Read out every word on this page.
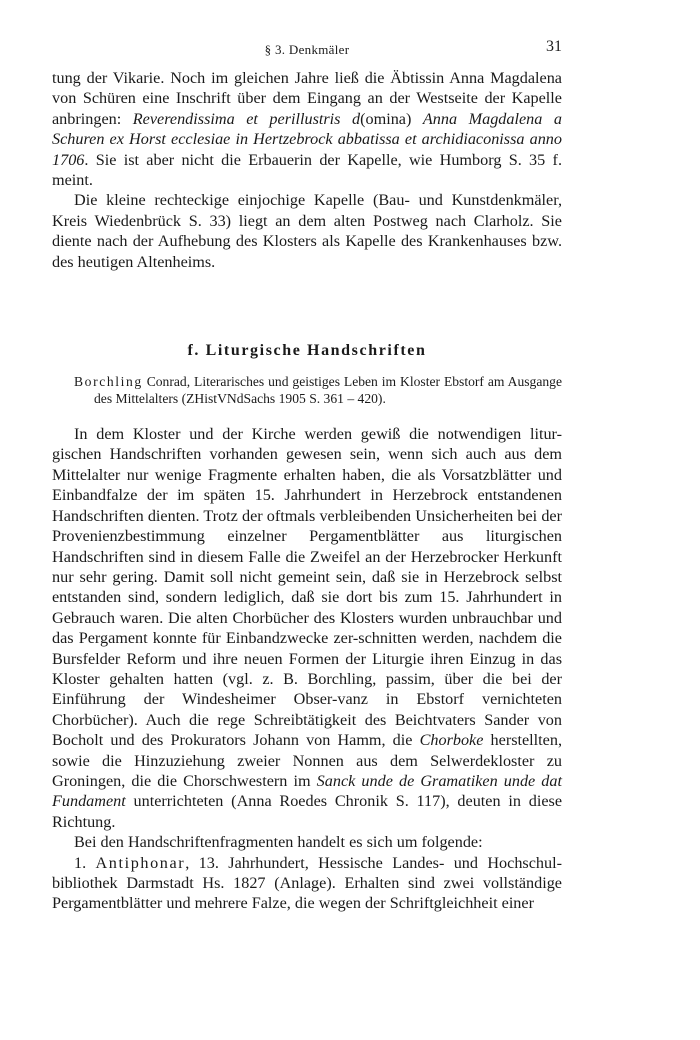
§ 3. Denkmäler	31

tung der Vikarie. Noch im gleichen Jahre ließ die Äbtissin Anna Magdalena von Schüren eine Inschrift über dem Eingang an der Westseite der Kapelle anbringen: Reverendissima et perillustris d(omina) Anna Magdalena a Schuren ex Horst ecclesiae in Hertzebrock abbatissa et archidiaconissa anno 1706. Sie ist aber nicht die Erbauerin der Kapelle, wie Humborg S. 35 f. meint.

Die kleine rechteckige einjochige Kapelle (Bau- und Kunstdenkmäler, Kreis Wiedenbrück S. 33) liegt an dem alten Postweg nach Clarholz. Sie diente nach der Aufhebung des Klosters als Kapelle des Krankenhauses bzw. des heutigen Altenheims.

f. Liturgische Handschriften

Borchling Conrad, Literarisches und geistiges Leben im Kloster Ebstorf am Ausgange des Mittelalters (ZHistVNdSachs 1905 S. 361 – 420).

In dem Kloster und der Kirche werden gewiß die notwendigen litur-gischen Handschriften vorhanden gewesen sein, wenn sich auch aus dem Mittelalter nur wenige Fragmente erhalten haben, die als Vorsatzblätter und Einbandfalze der im späten 15. Jahrhundert in Herzebrock entstandenen Handschriften dienten. Trotz der oftmals verbleibenden Unsicherheiten bei der Provenienzbestimmung einzelner Pergamentblätter aus liturgischen Handschriften sind in diesem Falle die Zweifel an der Herzebrocker Herkunft nur sehr gering. Damit soll nicht gemeint sein, daß sie in Herzebrock selbst entstanden sind, sondern lediglich, daß sie dort bis zum 15. Jahrhundert in Gebrauch waren. Die alten Chorbücher des Klosters wurden unbrauchbar und das Pergament konnte für Einbandzwecke zer-schnitten werden, nachdem die Bursfelder Reform und ihre neuen Formen der Liturgie ihren Einzug in das Kloster gehalten hatten (vgl. z. B. Borchling, passim, über die bei der Einführung der Windesheimer Obser-vanz in Ebstorf vernichteten Chorbücher). Auch die rege Schreibtätigkeit des Beichtvaters Sander von Bocholt und des Prokurators Johann von Hamm, die Chorboke herstellten, sowie die Hinzuziehung zweier Nonnen aus dem Selwerdekloster zu Groningen, die die Chorschwestern im Sanck unde de Gramatiken unde dat Fundament unterrichteten (Anna Roedes Chronik S. 117), deuten in diese Richtung.

Bei den Handschriftenfragmenten handelt es sich um folgende:

1. Antiphonar, 13. Jahrhundert, Hessische Landes- und Hochschul-bibliothek Darmstadt Hs. 1827 (Anlage). Erhalten sind zwei vollständige Pergamentblätter und mehrere Falze, die wegen der Schriftgleichheit einer
